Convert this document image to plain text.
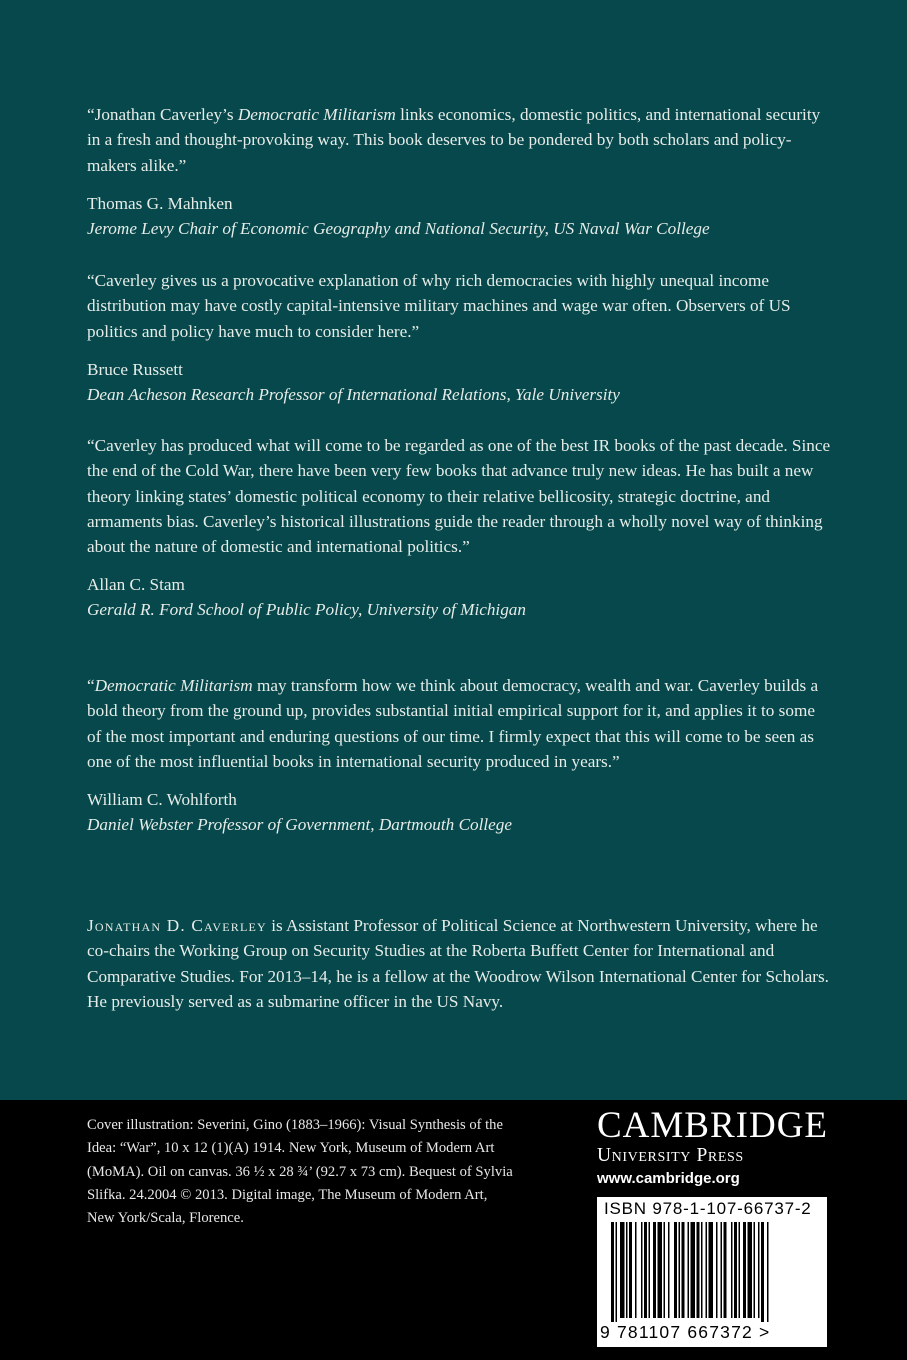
“Jonathan Caverley’s Democratic Militarism links economics, domestic politics, and international security in a fresh and thought-provoking way. This book deserves to be pondered by both scholars and policy-makers alike.”

Thomas G. Mahnken

Jerome Levy Chair of Economic Geography and National Security, US Naval War College

“Caverley gives us a provocative explanation of why rich democracies with highly unequal income distribution may have costly capital-intensive military machines and wage war often. Observers of US politics and policy have much to consider here.”

Bruce Russett

Dean Acheson Research Professor of International Relations, Yale University

“Caverley has produced what will come to be regarded as one of the best IR books of the past decade. Since the end of the Cold War, there have been very few books that advance truly new ideas. He has built a new theory linking states’ domestic political economy to their relative bellicosity, strategic doctrine, and armaments bias. Caverley’s historical illustrations guide the reader through a wholly novel way of thinking about the nature of domestic and international politics.”

Allan C. Stam

Gerald R. Ford School of Public Policy, University of Michigan

“Democratic Militarism may transform how we think about democracy, wealth and war. Caverley builds a bold theory from the ground up, provides substantial initial empirical support for it, and applies it to some of the most important and enduring questions of our time. I firmly expect that this will come to be seen as one of the most influential books in international security produced in years.”

William C. Wohlforth

Daniel Webster Professor of Government, Dartmouth College

Jonathan D. Caverley is Assistant Professor of Political Science at Northwestern University, where he co-chairs the Working Group on Security Studies at the Roberta Buffett Center for International and Comparative Studies. For 2013–14, he is a fellow at the Woodrow Wilson International Center for Scholars. He previously served as a submarine officer in the US Navy.

Cover illustration: Severini, Gino (1883–1966): Visual Synthesis of the Idea: “War”, 10 x 12 (1)(A) 1914. New York, Museum of Modern Art (MoMA). Oil on canvas. 36 ½ x 28 ¾’ (92.7 x 73 cm). Bequest of Sylvia Slifka. 24.2004 © 2013. Digital image, The Museum of Modern Art, New York/Scala, Florence.

CAMBRIDGE
University Press
www.cambridge.org
ISBN 978-1-107-66737-2
9 781107 667372 >
